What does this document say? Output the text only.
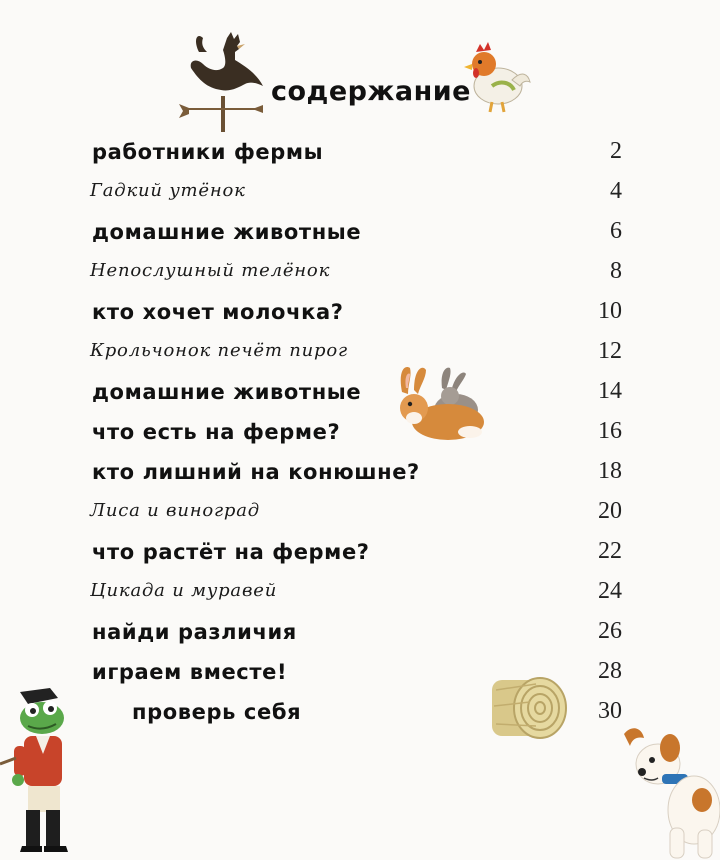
содержание
работники фермы	2
Гадкий утёнок	4
домашние животные	6
Непослушный телёнок	8
кто хочет молочка?	10
Крольчонок печёт пирог	12
домашние животные	14
что есть на ферме?	16
кто лишний на конюшне?	18
Лиса и виноград	20
что растёт на ферме?	22
Цикада и муравей	24
найди различия	26
играем вместе!	28
проверь себя	30
